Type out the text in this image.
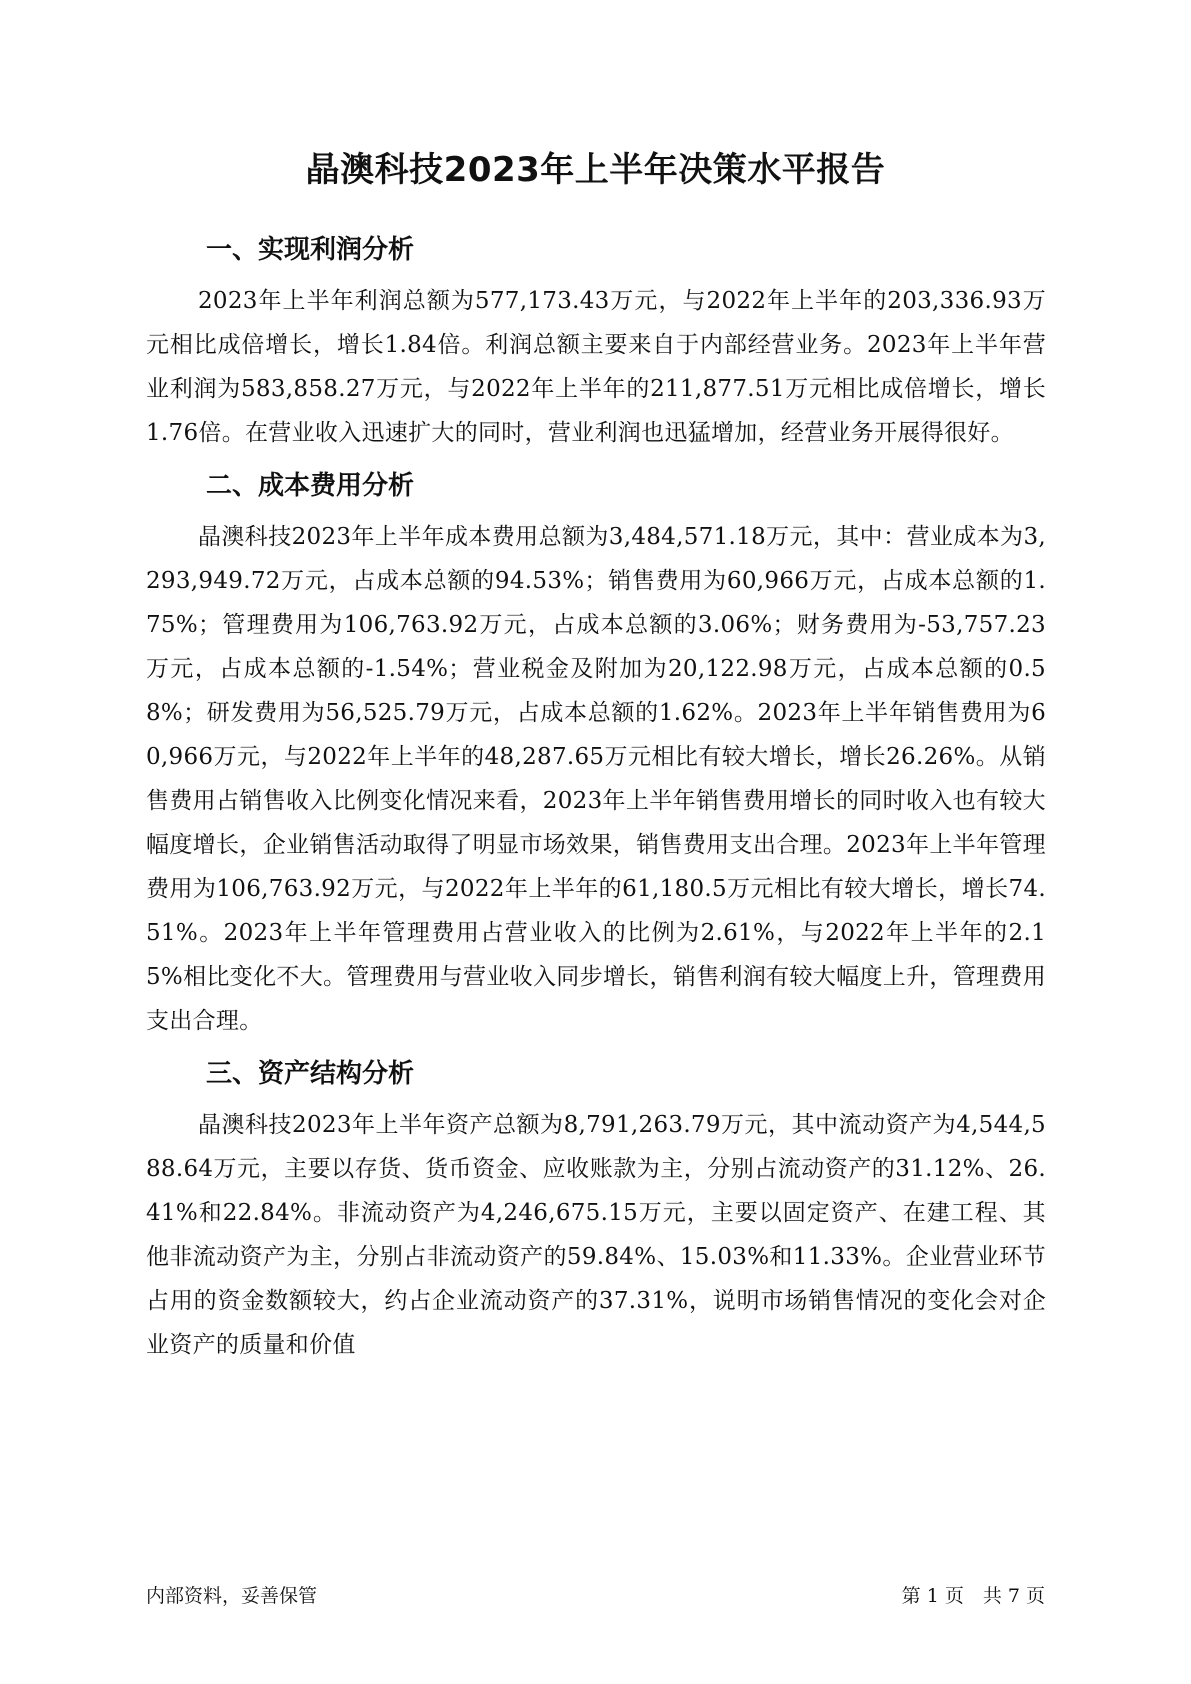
晶澳科技2023年上半年决策水平报告
一、实现利润分析

2023年上半年利润总额为577,173.43万元，与2022年上半年的203,336.93万元相比成倍增长，增长1.84倍。利润总额主要来自于内部经营业务。2023年上半年营业利润为583,858.27万元，与2022年上半年的211,877.51万元相比成倍增长，增长1.76倍。在营业收入迅速扩大的同时，营业利润也迅猛增加，经营业务开展得很好。

二、成本费用分析

晶澳科技2023年上半年成本费用总额为3,484,571.18万元，其中：营业成本为3,293,949.72万元，占成本总额的94.53%；销售费用为60,966万元，占成本总额的1.75%；管理费用为106,763.92万元，占成本总额的3.06%；财务费用为-53,757.23万元，占成本总额的-1.54%；营业税金及附加为20,122.98万元，占成本总额的0.58%；研发费用为56,525.79万元，占成本总额的1.62%。2023年上半年销售费用为60,966万元，与2022年上半年的48,287.65万元相比有较大增长，增长26.26%。从销售费用占销售收入比例变化情况来看，2023年上半年销售费用增长的同时收入也有较大幅度增长，企业销售活动取得了明显市场效果，销售费用支出合理。2023年上半年管理费用为106,763.92万元，与2022年上半年的61,180.5万元相比有较大增长，增长74.51%。2023年上半年管理费用占营业收入的比例为2.61%，与2022年上半年的2.15%相比变化不大。管理费用与营业收入同步增长，销售利润有较大幅度上升，管理费用支出合理。

三、资产结构分析

晶澳科技2023年上半年资产总额为8,791,263.79万元，其中流动资产为4,544,588.64万元，主要以存货、货币资金、应收账款为主，分别占流动资产的31.12%、26.41%和22.84%。非流动资产为4,246,675.15万元，主要以固定资产、在建工程、其他非流动资产为主，分别占非流动资产的59.84%、15.03%和11.33%。企业营业环节占用的资金数额较大，约占企业流动资产的37.31%，说明市场销售情况的变化会对企业资产的质量和价值

内部资料，妥善保管	第 1 页　共 7 页
